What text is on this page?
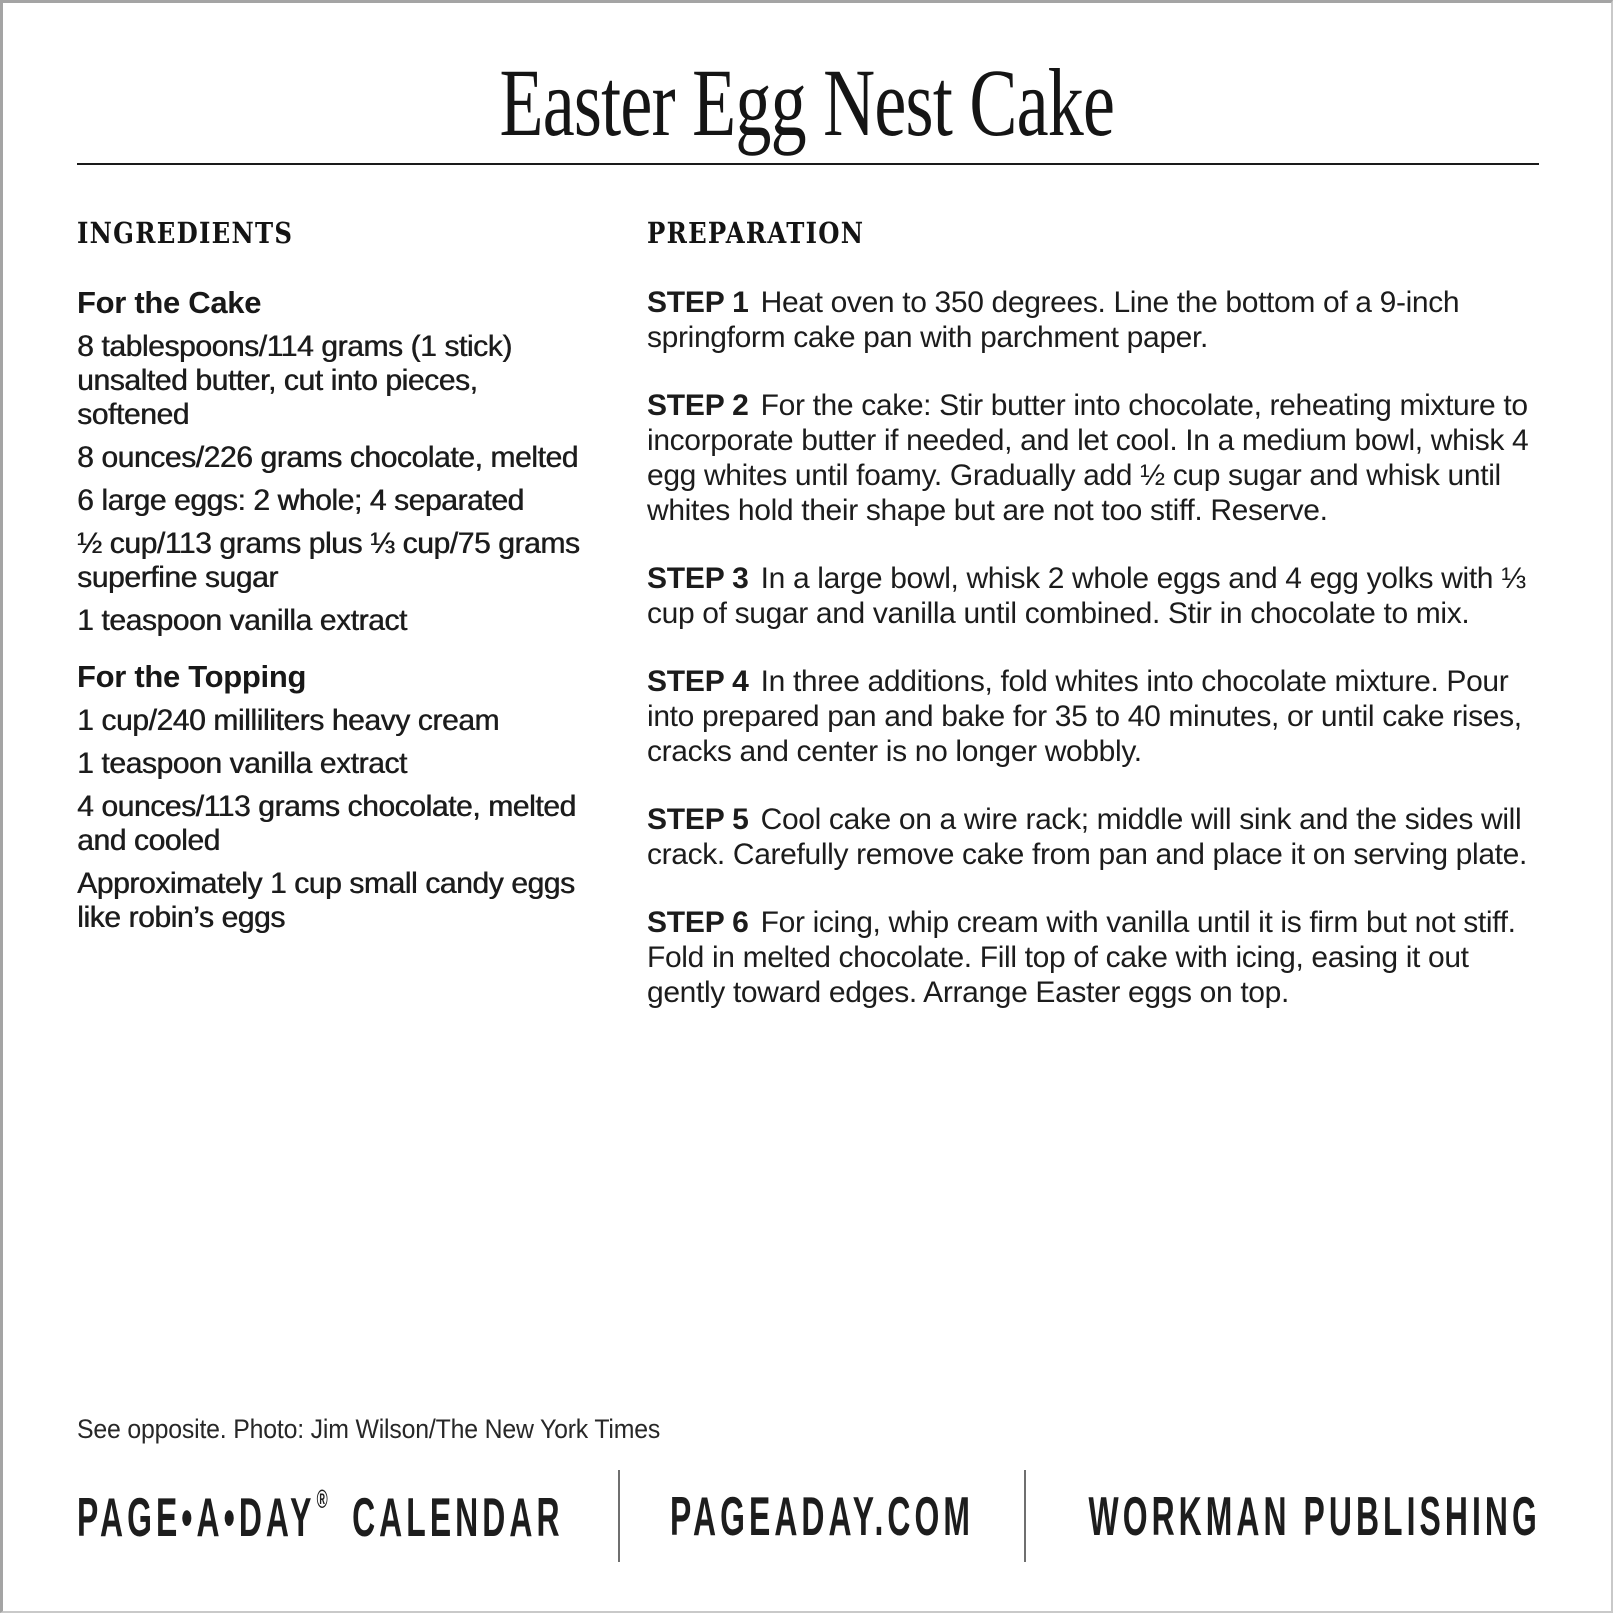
Easter Egg Nest Cake
INGREDIENTS
For the Cake
8 tablespoons/114 grams (1 stick) unsalted butter, cut into pieces, softened
8 ounces/226 grams chocolate, melted
6 large eggs: 2 whole; 4 separated
½ cup/113 grams plus ⅓ cup/75 grams superfine sugar
1 teaspoon vanilla extract
For the Topping
1 cup/240 milliliters heavy cream
1 teaspoon vanilla extract
4 ounces/113 grams chocolate, melted and cooled
Approximately 1 cup small candy eggs like robin’s eggs
PREPARATION

STEP 1 Heat oven to 350 degrees. Line the bottom of a 9-inch springform cake pan with parchment paper.

STEP 2 For the cake: Stir butter into chocolate, reheating mixture to incorporate butter if needed, and let cool. In a medium bowl, whisk 4 egg whites until foamy. Gradually add ½ cup sugar and whisk until whites hold their shape but are not too stiff. Reserve.

STEP 3 In a large bowl, whisk 2 whole eggs and 4 egg yolks with ⅓ cup of sugar and vanilla until combined. Stir in chocolate to mix.

STEP 4 In three additions, fold whites into chocolate mixture. Pour into prepared pan and bake for 35 to 40 minutes, or until cake rises, cracks and center is no longer wobbly.

STEP 5 Cool cake on a wire rack; middle will sink and the sides will crack. Carefully remove cake from pan and place it on serving plate.

STEP 6 For icing, whip cream with vanilla until it is firm but not stiff. Fold in melted chocolate. Fill top of cake with icing, easing it out gently toward edges. Arrange Easter eggs on top.

See opposite. Photo: Jim Wilson/The New York Times
PAGE•A•DAY® CALENDAR PAGEADAY.COM WORKMAN PUBLISHING
